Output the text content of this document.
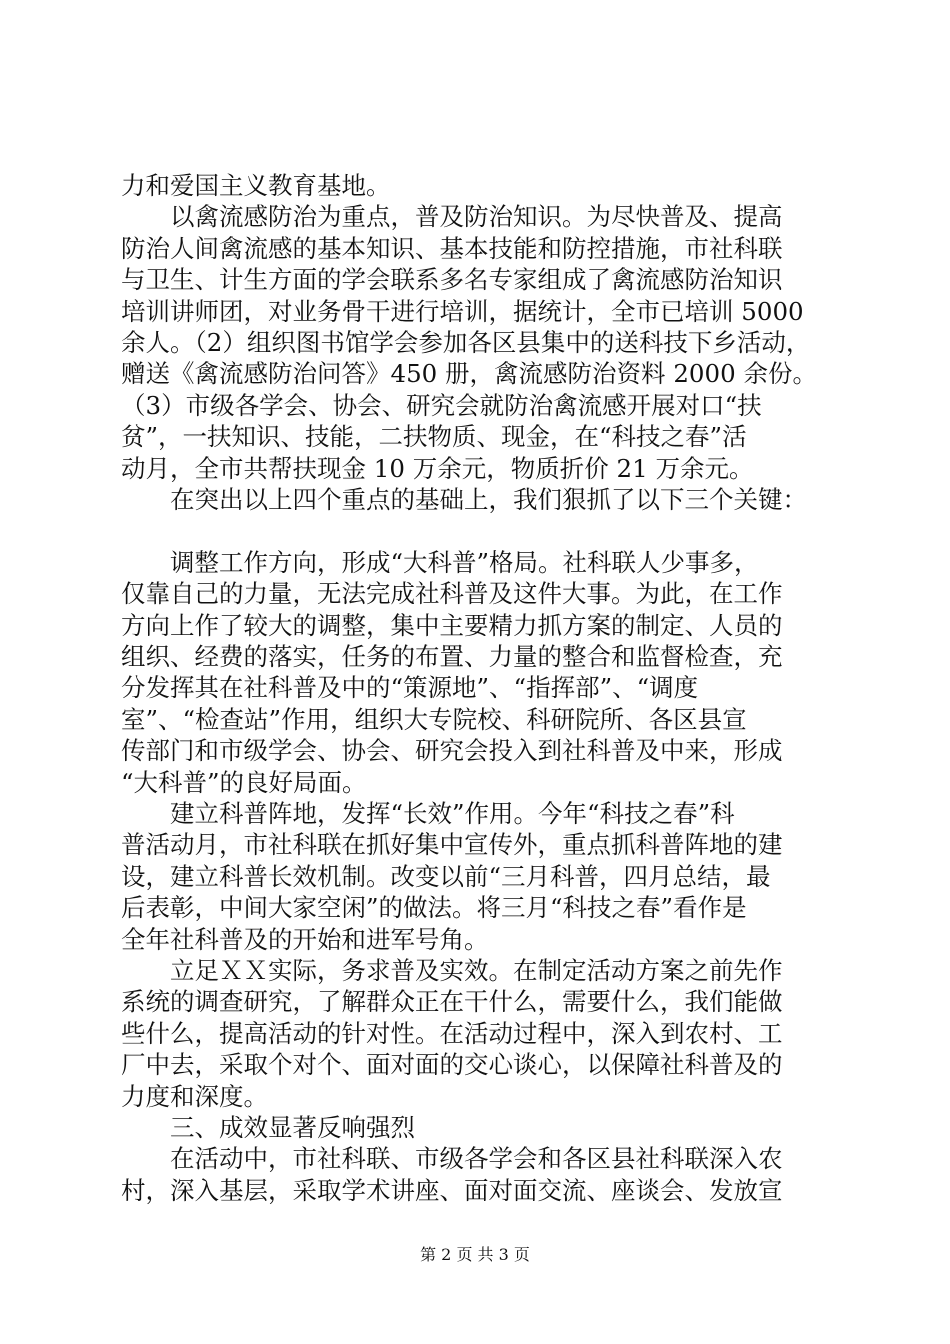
力和爱国主义教育基地。
以禽流感防治为重点，普及防治知识。为尽快普及、提高
防治人间禽流感的基本知识、基本技能和防控措施，市社科联
与卫生、计生方面的学会联系多名专家组成了禽流感防治知识
培训讲师团，对业务骨干进行培训，据统计，全市已培训 5000
余人。（2）组织图书馆学会参加各区县集中的送科技下乡活动，
赠送《禽流感防治问答》450 册，禽流感防治资料 2000 余份。
（3）市级各学会、协会、研究会就防治禽流感开展对口“扶
贫”，一扶知识、技能，二扶物质、现金，在“科技之春”活
动月，全市共帮扶现金 10 万余元，物质折价 21 万余元。
在突出以上四个重点的基础上，我们狠抓了以下三个关键：
调整工作方向，形成“大科普”格局。社科联人少事多，
仅靠自己的力量，无法完成社科普及这件大事。为此，在工作
方向上作了较大的调整，集中主要精力抓方案的制定、人员的
组织、经费的落实，任务的布置、力量的整合和监督检查，充
分发挥其在社科普及中的“策源地”、“指挥部”、“调度
室”、“检查站”作用，组织大专院校、科研院所、各区县宣
传部门和市级学会、协会、研究会投入到社科普及中来，形成
“大科普”的良好局面。
建立科普阵地，发挥“长效”作用。今年“科技之春”科
普活动月，市社科联在抓好集中宣传外，重点抓科普阵地的建
设，建立科普长效机制。改变以前“三月科普，四月总结，最
后表彰，中间大家空闲”的做法。将三月“科技之春”看作是
全年社科普及的开始和进军号角。
立足ＸＸ实际，务求普及实效。在制定活动方案之前先作
系统的调查研究，了解群众正在干什么，需要什么，我们能做
些什么，提高活动的针对性。在活动过程中，深入到农村、工
厂中去，采取个对个、面对面的交心谈心，以保障社科普及的
力度和深度。
三、成效显著反响强烈
在活动中，市社科联、市级各学会和各区县社科联深入农
村，深入基层，采取学术讲座、面对面交流、座谈会、发放宣
第 2 页 共 3 页
